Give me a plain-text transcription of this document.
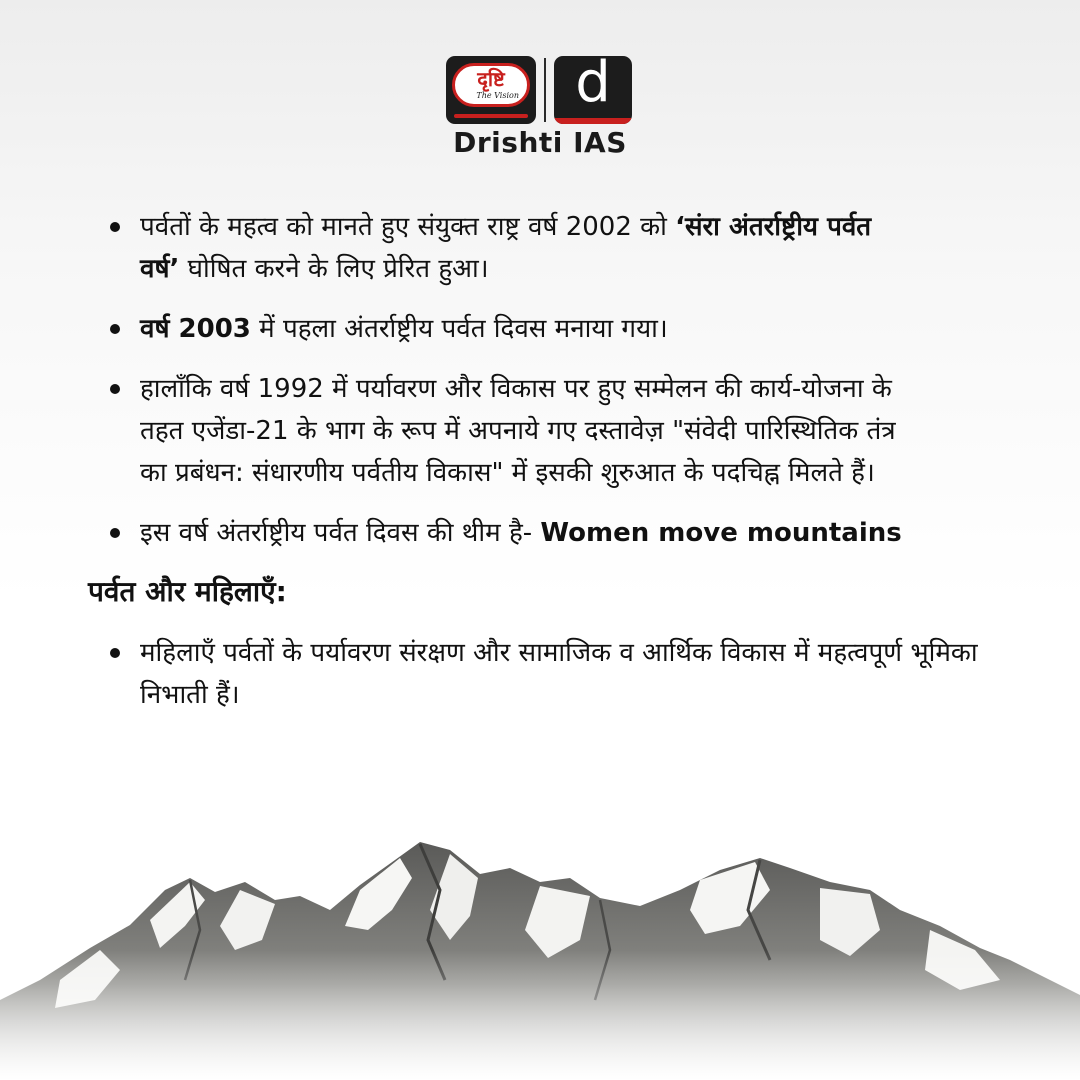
दृष्टि
The Vision	d
Drishti IAS
पर्वतों के महत्व को मानते हुए संयुक्त राष्ट्र वर्ष 2002 को ‘संरा अंतर्राष्ट्रीय पर्वत वर्ष’ घोषित करने के लिए प्रेरित हुआ।
वर्ष 2003 में पहला अंतर्राष्ट्रीय पर्वत दिवस मनाया गया।
हालाँकि वर्ष 1992 में पर्यावरण और विकास पर हुए सम्मेलन की कार्य-योजना के तहत एजेंडा-21 के भाग के रूप में अपनाये गए दस्तावेज़ "संवेदी पारिस्थितिक तंत्र का प्रबंधन: संधारणीय पर्वतीय विकास" में इसकी शुरुआत के पदचिह्न मिलते हैं।
इस वर्ष अंतर्राष्ट्रीय पर्वत दिवस की थीम है- Women move mountains
पर्वत और महिलाएँ:
महिलाएँ पर्वतों के पर्यावरण संरक्षण और सामाजिक व आर्थिक विकास में महत्वपूर्ण भूमिका निभाती हैं।
